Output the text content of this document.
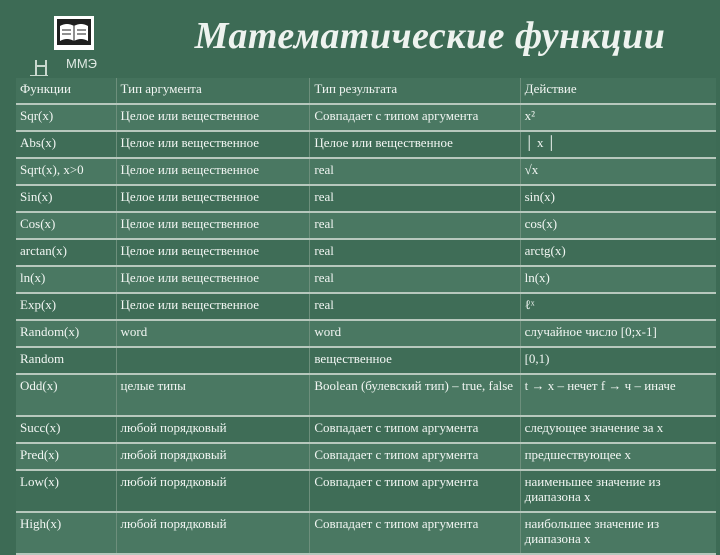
ММЭ
Математические функции
Функции	Тип аргумента	Тип результата	Действие
Sqr(x)	Целое или вещественное	Совпадает с типом аргумента	x²
Abs(x)	Целое или вещественное	Целое или вещественное	│ x │
Sqrt(x), x>0	Целое или вещественное	real	√x
Sin(x)	Целое или вещественное	real	sin(x)
Cos(x)	Целое или вещественное	real	cos(x)
arctan(x)	Целое или вещественное	real	arctg(x)
ln(x)	Целое или вещественное	real	ln(x)
Exp(x)	Целое или вещественное	real	ℓˣ
Random(x)	word	word	случайное число [0;x-1]
Random		вещественное	[0,1)
Odd(x)	целые типы	Boolean (булевский тип) – true, false	t → x – нечет f → ч – иначе
Succ(x)	любой порядковый	Совпадает с типом аргумента	следующее значение за x
Pred(x)	любой порядковый	Совпадает с типом аргумента	предшествующее x
Low(x)	любой порядковый	Совпадает с типом аргумента	наименьшее значение из диапазона x
High(x)	любой порядковый	Совпадает с типом аргумента	наибольшее значение из диапазона x
